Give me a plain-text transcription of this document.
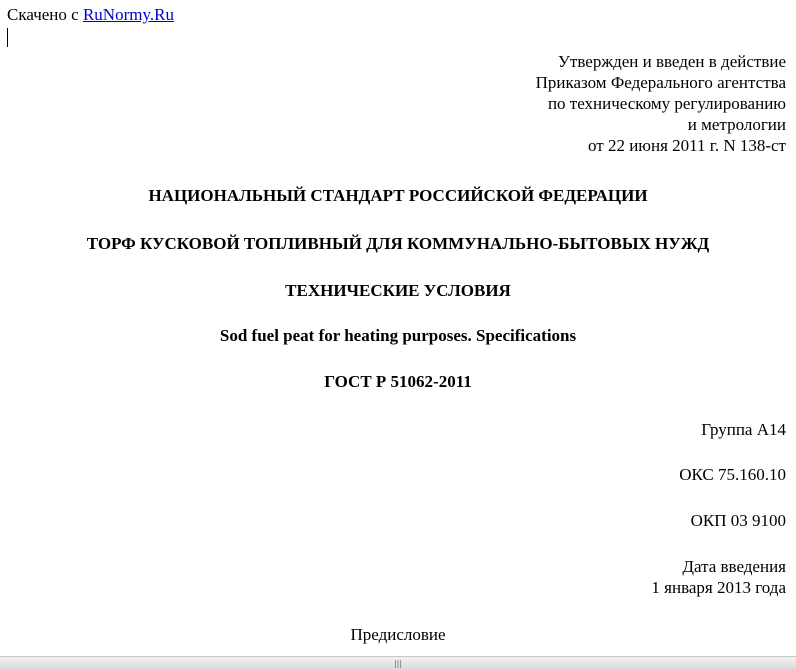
Скачено с RuNormy.Ru
Утвержден и введен в действие
Приказом Федерального агентства
по техническому регулированию
и метрологии
от 22 июня 2011 г. N 138-ст
НАЦИОНАЛЬНЫЙ СТАНДАРТ РОССИЙСКОЙ ФЕДЕРАЦИИ
ТОРФ КУСКОВОЙ ТОПЛИВНЫЙ ДЛЯ КОММУНАЛЬНО-БЫТОВЫХ НУЖД
ТЕХНИЧЕСКИЕ УСЛОВИЯ
Sod fuel peat for heating purposes. Specifications
ГОСТ Р 51062-2011
Группа А14
ОКС 75.160.10
ОКП 03 9100
Дата введения
1 января 2013 года
Предисловие
|||
